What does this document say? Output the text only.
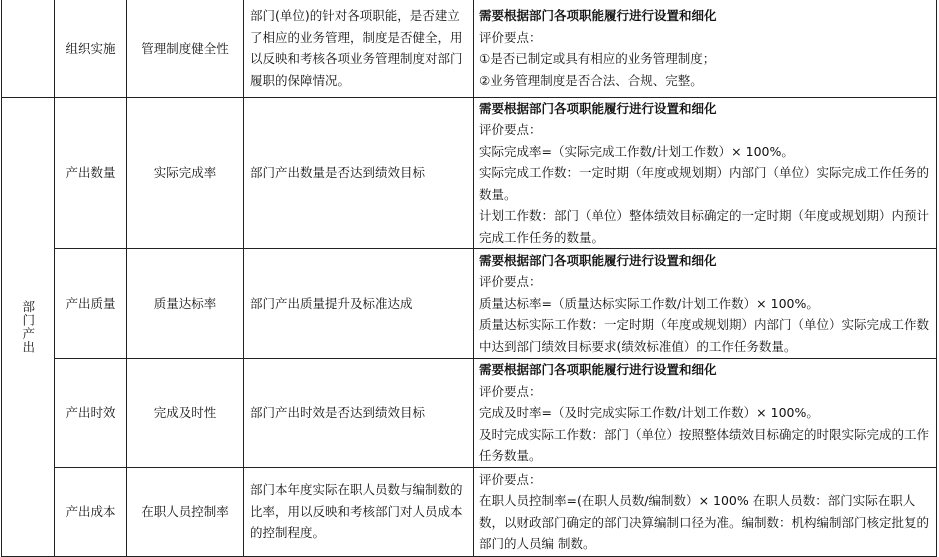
	组织实施	管理制度健全性	部门(单位)的针对各项职能，是否建立了相应的业务管理，制度是否健全，用以反映和考核各项业务管理制度对部门履职的保障情况。	需要根据部门各项职能履行进行设置和细化
评价要点：
①是否已制定或具有相应的业务管理制度；
②业务管理制度是否合法、合规、完整。

部门产出	产出数量	实际完成率	部门产出数量是否达到绩效目标	需要根据部门各项职能履行进行设置和细化
评价要点：
实际完成率=（实际完成工作数/计划工作数）× 100%。
实际完成工作数：一定时期（年度或规划期）内部门（单位）实际完成工作任务的数量。
计划工作数：部门（单位）整体绩效目标确定的一定时期（年度或规划期）内预计完成工作任务的数量。

	产出质量	质量达标率	部门产出质量提升及标准达成	需要根据部门各项职能履行进行设置和细化
评价要点：
质量达标率=（质量达标实际工作数/计划工作数）× 100%。
质量达标实际工作数：一定时期（年度或规划期）内部门（单位）实际完成工作数中达到部门绩效目标要求(绩效标准值）的工作任务数量。

	产出时效	完成及时性	部门产出时效是否达到绩效目标	需要根据部门各项职能履行进行设置和细化
评价要点：
完成及时率=（及时完成实际工作数/计划工作数）× 100%。
及时完成实际工作数：部门（单位）按照整体绩效目标确定的时限实际完成的工作任务数量。

	产出成本	在职人员控制率	部门本年度实际在职人员数与编制数的比率，用以反映和考核部门对人员成本的控制程度。	评价要点：
在职人员控制率=(在职人员数/编制数）× 100% 在职人员数：部门实际在职人数，以财政部门确定的部门决算编制口径为准。编制数：机构编制部门核定批复的部门的人员编 制数。
